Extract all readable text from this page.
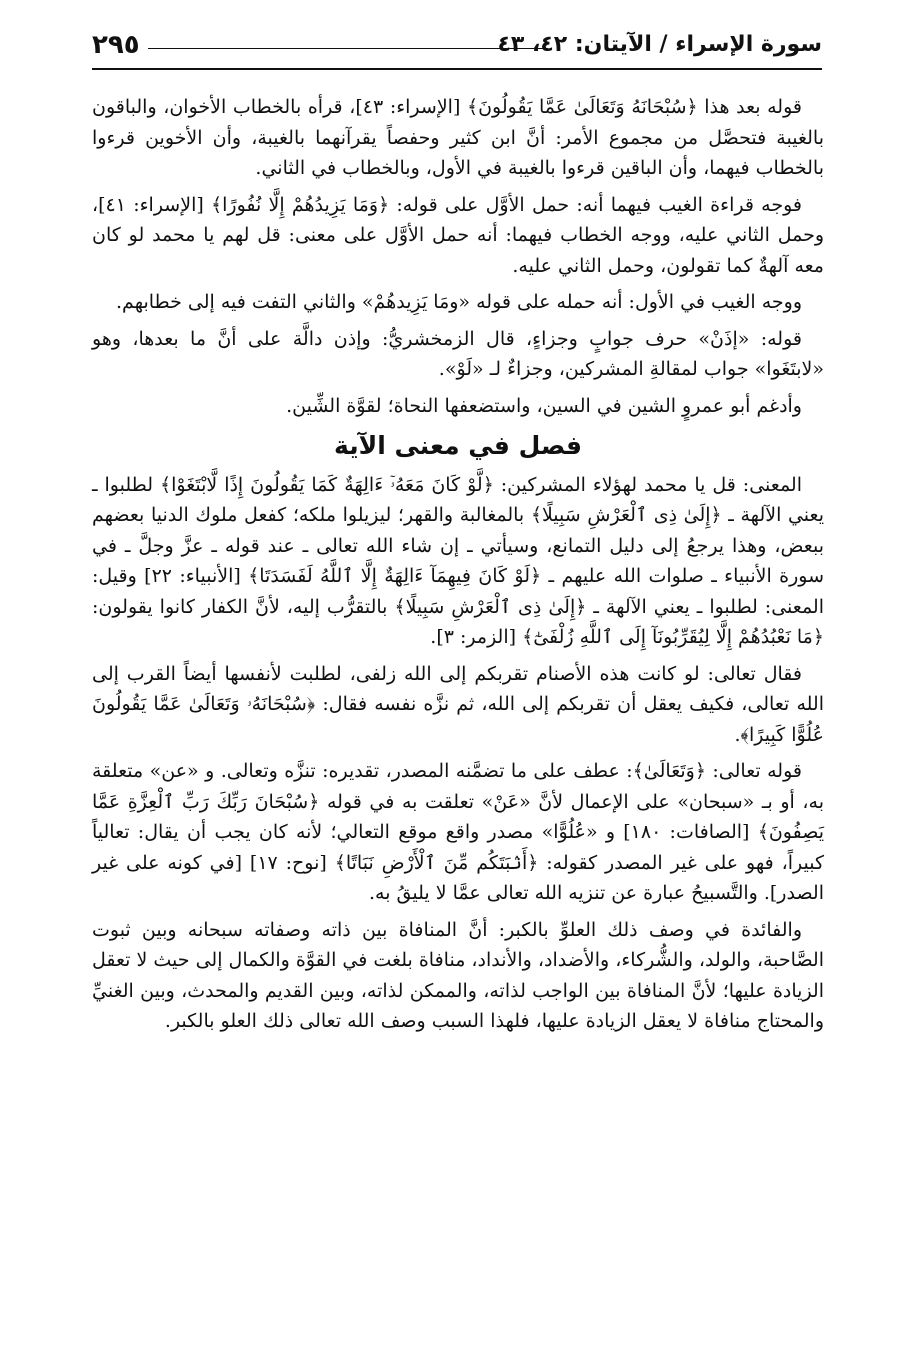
٢٩٥	سورة الإسراء / الآيتان: ٤٢، ٤٣

قوله بعد هذا ﴿سُبْحَانَهُ وَتَعَالَىٰ عَمَّا يَقُولُونَ﴾ [الإسراء: ٤٣]، قرأه بالخطاب الأخوان، والباقون بالغيبة فتحصَّل من مجموع الأمر: أنَّ ابن كثير وحفصاً يقرآنهما بالغيبة، وأن الأخوين قرءوا بالخطاب فيهما، وأن الباقين قرءوا بالغيبة في الأول، وبالخطاب في الثاني.

فوجه قراءة الغيب فيهما أنه: حمل الأوَّل على قوله: ﴿وَمَا يَزِيدُهُمْ إِلَّا نُفُورًا﴾ [الإسراء: ٤١]، وحمل الثاني عليه، ووجه الخطاب فيهما: أنه حمل الأوَّل على معنى: قل لهم يا محمد لو كان معه آلهةٌ كما تقولون، وحمل الثاني عليه.

ووجه الغيب في الأول: أنه حمله على قوله «ومَا يَزِيدهُمْ» والثاني التفت فيه إلى خطابهم.

قوله: «إذَنْ» حرف جوابٍ وجزاءٍ، قال الزمخشريُّ: وإذن دالَّة على أنَّ ما بعدها، وهو «لابتَغَوا» جواب لمقالةِ المشركين، وجزاءٌ لـ «لَوْ».

وأدغم أبو عمروٍ الشين في السين، واستضعفها النحاة؛ لقوَّة الشِّين.

فصل في معنى الآية

المعنى: قل يا محمد لهؤلاء المشركين: ﴿لَّوْ كَانَ مَعَهُۥٓ ءَالِهَةٌ كَمَا يَقُولُونَ إِذًا لَّابْتَغَوْا﴾ لطلبوا ـ يعني الآلهة ـ ﴿إِلَىٰ ذِى ٱلْعَرْشِ سَبِيلًا﴾ بالمغالبة والقهر؛ ليزيلوا ملكه؛ كفعل ملوك الدنيا بعضهم ببعض، وهذا يرجعُ إلى دليل التمانع، وسيأتي ـ إن شاء الله تعالى ـ عند قوله ـ عزَّ وجلَّ ـ في سورة الأنبياء ـ صلوات الله عليهم ـ ﴿لَوْ كَانَ فِيهِمَآ ءَالِهَةٌ إِلَّا ٱللَّهُ لَفَسَدَتَا﴾ [الأنبياء: ٢٢] وقيل: المعنى: لطلبوا ـ يعني الآلهة ـ ﴿إِلَىٰ ذِى ٱلْعَرْشِ سَبِيلًا﴾ بالتقرُّب إليه، لأنَّ الكفار كانوا يقولون: ﴿مَا نَعْبُدُهُمْ إِلَّا لِيُقَرِّبُونَآ إِلَى ٱللَّهِ زُلْفَىٰٓ﴾ [الزمر: ٣].

فقال تعالى: لو كانت هذه الأصنام تقربكم إلى الله زلفى، لطلبت لأنفسها أيضاً القرب إلى الله تعالى، فكيف يعقل أن تقربكم إلى الله، ثم نزَّه نفسه فقال: ﴿سُبْحَانَهُۥ وَتَعَالَىٰ عَمَّا يَقُولُونَ عُلُوًّا كَبِيرًا﴾.

قوله تعالى: ﴿وَتَعَالَىٰ﴾: عطف على ما تضمَّنه المصدر، تقديره: تنزَّه وتعالى. و «عن» متعلقة به، أو بـ «سبحان» على الإعمال لأنَّ «عَنْ» تعلقت به في قوله ﴿سُبْحَانَ رَبِّكَ رَبِّ ٱلْعِزَّةِ عَمَّا يَصِفُونَ﴾ [الصافات: ١٨٠] و «عُلُوًّا» مصدر واقع موقع التعالي؛ لأنه كان يجب أن يقال: تعالياً كبيراً، فهو على غير المصدر كقوله: ﴿أَنۢبَتَكُم مِّنَ ٱلْأَرْضِ نَبَاتًا﴾ [نوح: ١٧] [في كونه على غير الصدر]. والتَّسبيحُ عبارة عن تنزيه الله تعالى عمَّا لا يليقُ به.

والفائدة في وصف ذلك العلوِّ بالكبر: أنَّ المنافاة بين ذاته وصفاته سبحانه وبين ثبوت الصَّاحبة، والولد، والشُّركاء، والأضداد، والأنداد، منافاة بلغت في القوَّة والكمال إلى حيث لا تعقل الزيادة عليها؛ لأنَّ المنافاة بين الواجب لذاته، والممكن لذاته، وبين القديم والمحدث، وبين الغنيِّ والمحتاج منافاة لا يعقل الزيادة عليها، فلهذا السبب وصف الله تعالى ذلك العلو بالكبر.
